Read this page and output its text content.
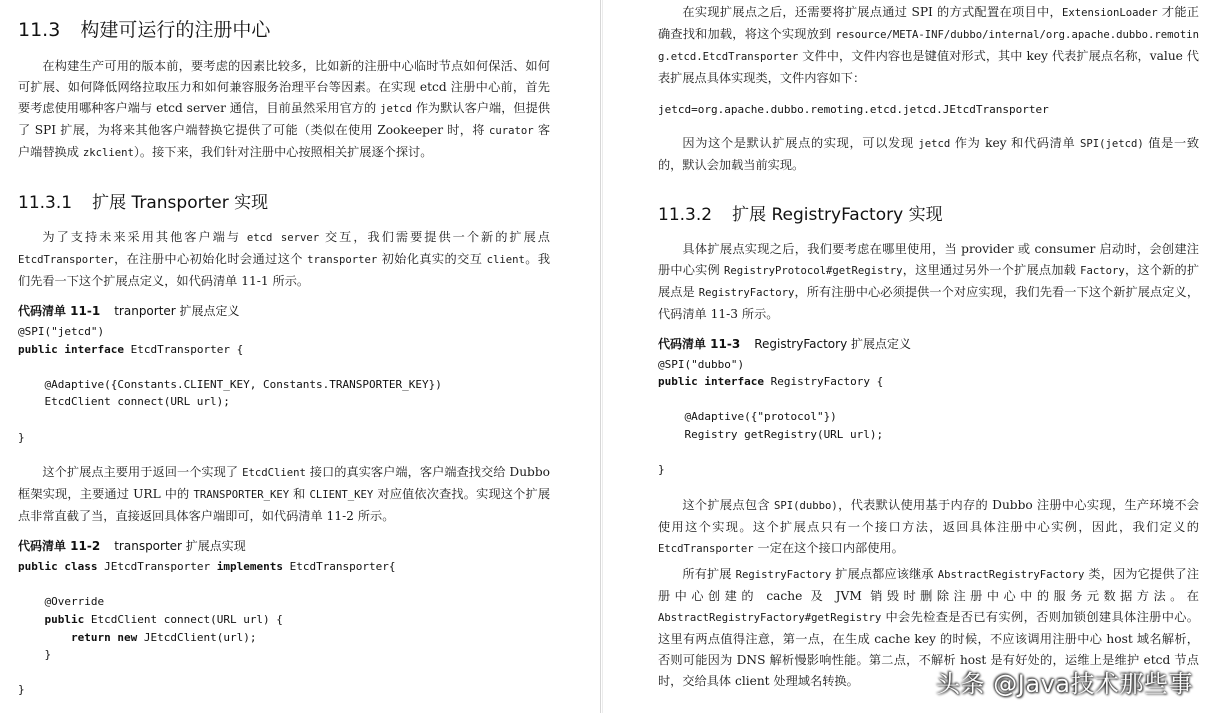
11.3 构建可运行的注册中心

在构建生产可用的版本前，要考虑的因素比较多，比如新的注册中心临时节点如何保活、如何可扩展、如何降低网络拉取压力和如何兼容服务治理平台等因素。在实现 etcd 注册中心前，首先要考虑使用哪种客户端与 etcd server 通信，目前虽然采用官方的 jetcd 作为默认客户端，但提供了 SPI 扩展，为将来其他客户端替换它提供了可能（类似在使用 Zookeeper 时，将 curator 客户端替换成 zkclient）。接下来，我们针对注册中心按照相关扩展逐个探讨。

11.3.1 扩展 Transporter 实现

为了支持未来采用其他客户端与 etcd server 交互，我们需要提供一个新的扩展点 EtcdTransporter，在注册中心初始化时会通过这个 transporter 初始化真实的交互 client。我们先看一下这个扩展点定义，如代码清单 11-1 所示。

代码清单 11-1 tranporter 扩展点定义
@SPI("jetcd")
public interface EtcdTransporter {

@Adaptive({Constants.CLIENT_KEY, Constants.TRANSPORTER_KEY})
EtcdClient connect(URL url);

}

这个扩展点主要用于返回一个实现了 EtcdClient 接口的真实客户端，客户端查找交给 Dubbo 框架实现，主要通过 URL 中的 TRANSPORTER_KEY 和 CLIENT_KEY 对应值依次查找。实现这个扩展点非常直截了当，直接返回具体客户端即可，如代码清单 11-2 所示。

代码清单 11-2 transporter 扩展点实现
public class JEtcdTransporter implements EtcdTransporter{

@Override
public EtcdClient connect(URL url) {
return new JEtcdClient(url);
}

}

在实现扩展点之后，还需要将扩展点通过 SPI 的方式配置在项目中，ExtensionLoader 才能正确查找和加载，将这个实现放到 resource/META-INF/dubbo/internal/org.apache.dubbo.remoting.etcd.EtcdTransporter 文件中，文件内容也是键值对形式，其中 key 代表扩展点名称，value 代表扩展点具体实现类，文件内容如下：

jetcd=org.apache.dubbo.remoting.etcd.jetcd.JEtcdTransporter

因为这个是默认扩展点的实现，可以发现 jetcd 作为 key 和代码清单 SPI(jetcd) 值是一致的，默认会加载当前实现。

11.3.2 扩展 RegistryFactory 实现

具体扩展点实现之后，我们要考虑在哪里使用，当 provider 或 consumer 启动时，会创建注册中心实例 RegistryProtocol#getRegistry，这里通过另外一个扩展点加载 Factory，这个新的扩展点是 RegistryFactory，所有注册中心必须提供一个对应实现，我们先看一下这个新扩展点定义，代码清单 11-3 所示。

代码清单 11-3 RegistryFactory 扩展点定义
@SPI("dubbo")
public interface RegistryFactory {

@Adaptive({"protocol"})
Registry getRegistry(URL url);

}

这个扩展点包含 SPI(dubbo)，代表默认使用基于内存的 Dubbo 注册中心实现，生产环境不会使用这个实现。这个扩展点只有一个接口方法，返回具体注册中心实例，因此，我们定义的 EtcdTransporter 一定在这个接口内部使用。

所有扩展 RegistryFactory 扩展点都应该继承 AbstractRegistryFactory 类，因为它提供了注册中心创建的 cache 及 JVM 销毁时删除注册中心中的服务元数据方法。在 AbstractRegistryFactory#getRegistry 中会先检查是否已有实例，否则加锁创建具体注册中心。这里有两点值得注意，第一点，在生成 cache key 的时候，不应该调用注册中心 host 域名解析，否则可能因为 DNS 解析慢影响性能。第二点，不解析 host 是有好处的，运维上是维护 etcd 节点时，交给具体 client 处理域名转换。	头条 @Java技术那些事
